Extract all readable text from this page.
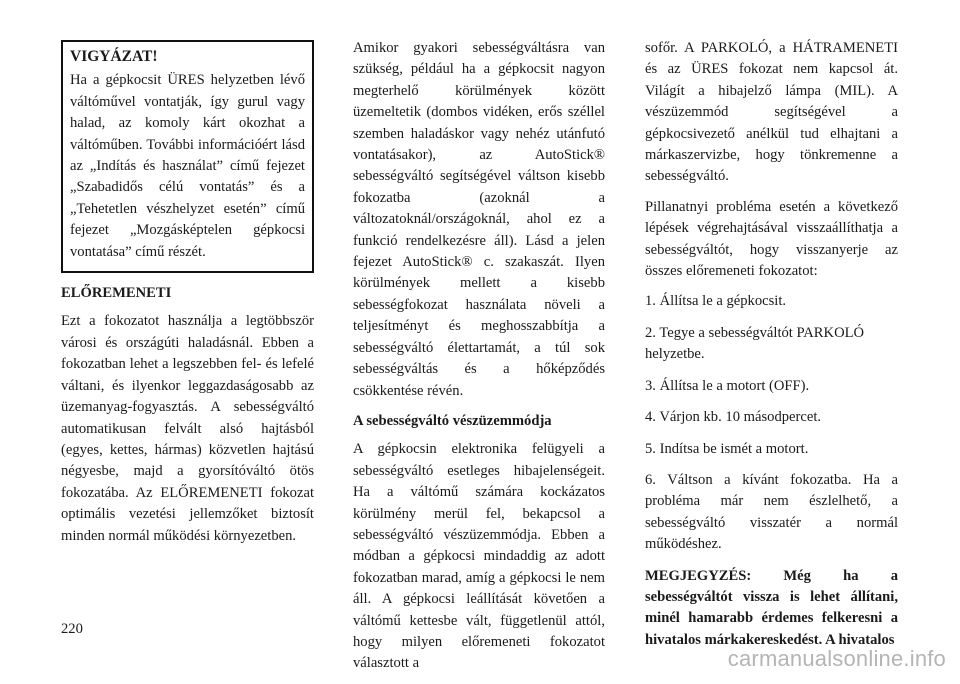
VIGYÁZAT!

Ha a gépkocsit ÜRES helyzetben lévő váltóművel vontatják, így gurul vagy halad, az komoly kárt okozhat a váltóműben. További információért lásd az „Indítás és használat” című fejezet „Szabadidős célú vontatás” és a „Tehetetlen vészhelyzet esetén” című fejezet „Mozgásképtelen gépkocsi vontatása” című részét.

ELŐREMENETI

Ezt a fokozatot használja a legtöbbször városi és országúti haladásnál. Ebben a fokozatban lehet a legszebben fel- és lefelé váltani, és ilyenkor leggazdaságosabb az üzemanyag-fogyasztás. A sebességváltó automatikusan felvált alsó hajtásból (egyes, kettes, hármas) közvetlen hajtású négyesbe, majd a gyorsítóváltó ötös fokozatába. Az ELŐREMENETI fokozat optimális vezetési jellemzőket biztosít minden normál működési környezetben.

Amikor gyakori sebességváltásra van szükség, például ha a gépkocsit nagyon megterhelő körülmények között üzemeltetik (dombos vidéken, erős széllel szemben haladáskor vagy nehéz utánfutó vontatásakor), az AutoStick® sebességváltó segítségével váltson kisebb fokozatba (azoknál a változatoknál/országoknál, ahol ez a funkció rendelkezésre áll). Lásd a jelen fejezet AutoStick® c. szakaszát. Ilyen körülmények mellett a kisebb sebességfokozat használata növeli a teljesítményt és meghosszabbítja a sebességváltó élettartamát, a túl sok sebességváltás és a hőképződés csökkentése révén.

A sebességváltó vészüzemmódja

A gépkocsin elektronika felügyeli a sebességváltó esetleges hibajelenségeit. Ha a váltómű számára kockázatos körülmény merül fel, bekapcsol a sebességváltó vészüzemmódja. Ebben a módban a gépkocsi mindaddig az adott fokozatban marad, amíg a gépkocsi le nem áll. A gépkocsi leállítását követően a váltómű kettesbe vált, függetlenül attól, hogy milyen előremeneti fokozatot választott a

sofőr. A PARKOLÓ, a HÁTRAMENETI és az ÜRES fokozat nem kapcsol át. Világít a hibajelző lámpa (MIL). A vészüzemmód segítségével a gépkocsivezető anélkül tud elhajtani a márkaszervizbe, hogy tönkremenne a sebességváltó.

Pillanatnyi probléma esetén a következő lépések végrehajtásával visszaállíthatja a sebességváltót, hogy visszanyerje az összes előremeneti fokozatot:

1. Állítsa le a gépkocsit.
2. Tegye a sebességváltót PARKOLÓ helyzetbe.
3. Állítsa le a motort (OFF).
4. Várjon kb. 10 másodpercet.
5. Indítsa be ismét a motort.
6. Váltson a kívánt fokozatba. Ha a probléma már nem észlelhető, a sebességváltó visszatér a normál működéshez.

MEGJEGYZÉS: Még ha a sebességváltót vissza is lehet állítani, minél hamarabb érdemes felkeresni a hivatalos márkakereskedést. A hivatalos

220
carmanualsonline.info
